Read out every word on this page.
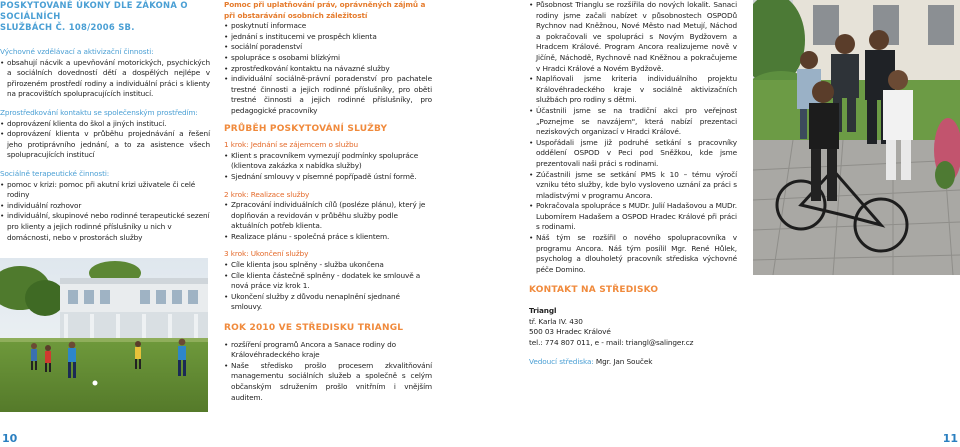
POSKYTOVANÉ ÚKONY DLE ZÁKONA O SOCIÁLNÍCH
SLUŽBÁCH Č. 108/2006 SB.
Výchovné vzdělávací a aktivizační činnosti:
• obsahují nácvik a upevňování motorických, psychických a sociálních dovedností dětí a dospělých nejlépe v přirozeném prostředí rodiny a individuální práci s klienty na pracovištích spolupracujících institucí.
Zprostředkování kontaktu se společenským prostředím:
• doprovázení klienta do škol a jiných institucí.
• doprovázení klienta v průběhu projednávání a řešení jeho protiprávního jednání, a to za asistence všech spolupracujících institucí
Sociálně terapeutické činnosti:
• pomoc v krizi: pomoc při akutní krizi uživatele či celé rodiny
• individuální rozhovor
• individuální, skupinové nebo rodinné terapeutické sezení pro klienty a jejich rodinné příslušníky u nich v domácnosti, nebo v prostorách služby
10
Pomoc při uplatňování práv, oprávněných zájmů a při obstarávání osobních záležitostí
• poskytnutí informace
• jednání s institucemi ve prospěch klienta
• sociální poradenství
• spolupráce s osobami blízkými
• zprostředkování kontaktu na návazné služby
• individuální sociálně-právní poradenství pro pachatele trestné činnosti a jejich rodinné příslušníky, pro oběti trestné činnosti a jejich rodinné příslušníky, pro pedagogické pracovníky
PRŮBĚH POSKYTOVÁNÍ SLUŽBY
1 krok: Jednání se zájemcem o službu
• Klient s pracovníkem vymezují podmínky spolupráce (klientova zakázka x nabídka služby)
• Sjednání smlouvy v písemné popřípadě ústní formě.
2 krok: Realizace služby
• Zpracování individuálních cílů (posléze plánu), který je doplňován a revidován v průběhu služby podle aktuálních potřeb klienta.
• Realizace plánu - společná práce s klientem.
3 krok: Ukončení služby
• Cíle klienta jsou splněny - služba ukončena
• Cíle klienta částečně splněny - dodatek ke smlouvě a nová práce viz krok 1.
• Ukončení služby z důvodu nenaplnění sjednané smlouvy.
ROK 2010 VE STŘEDISKU TRIANGL
• rozšíření programů Ancora a Sanace rodiny do Královéhradeckého kraje
• Naše středisko prošlo procesem zkvalitňování managementu sociálních služeb a společně s celým občanským sdružením prošlo vnitřním i vnějším auditem.
• Působnost Trianglu se rozšířila do nových lokalit. Sanaci rodiny jsme začali nabízet v působnostech OSPODů Rychnov nad Kněžnou, Nové Město nad Metují, Náchod a pokračovali ve spolupráci s Novým Bydžovem a Hradcem Králové. Program Ancora realizujeme nově v Jičíně, Náchodě, Rychnově nad Kněžnou a pokračujeme v Hradci Králové a Novém Bydžově.
• Naplňovali jsme kriteria individuálního projektu Královéhradeckého kraje v sociálně aktivizačních službách pro rodiny s dětmi.
• Účastnili jsme se na tradiční akci pro veřejnost „Poznejme se navzájem", která nabízí prezentaci neziskových organizací v Hradci Králové.
• Uspořádali jsme již podruhé setkání s pracovníky oddělení OSPOD v Peci pod Sněžkou, kde jsme prezentovali naši práci s rodinami.
• Zúčastnili jsme se setkání PMS k 10 – tému výročí vzniku této služby, kde bylo vysloveno uznání za práci s mladistvými v programu Ancora.
• Pokračovala spolupráce s MUDr. Julií Hadašovou a MUDr. Lubomírem Hadašem a OSPOD Hradec Králové při práci s rodinami.
• Náš tým se rozšířil o nového spolupracovníka v programu Ancora. Náš tým posílil Mgr. René Hůlek, psycholog a dlouholetý pracovník střediska výchovné péče Domino.
KONTAKT NA STŘEDISKO
Triangl
tř. Karla IV. 430
500 03 Hradec Králové
tel.: 774 807 011, e - mail: triangl@salinger.cz
Vedoucí střediska: Mgr. Jan Souček
11
